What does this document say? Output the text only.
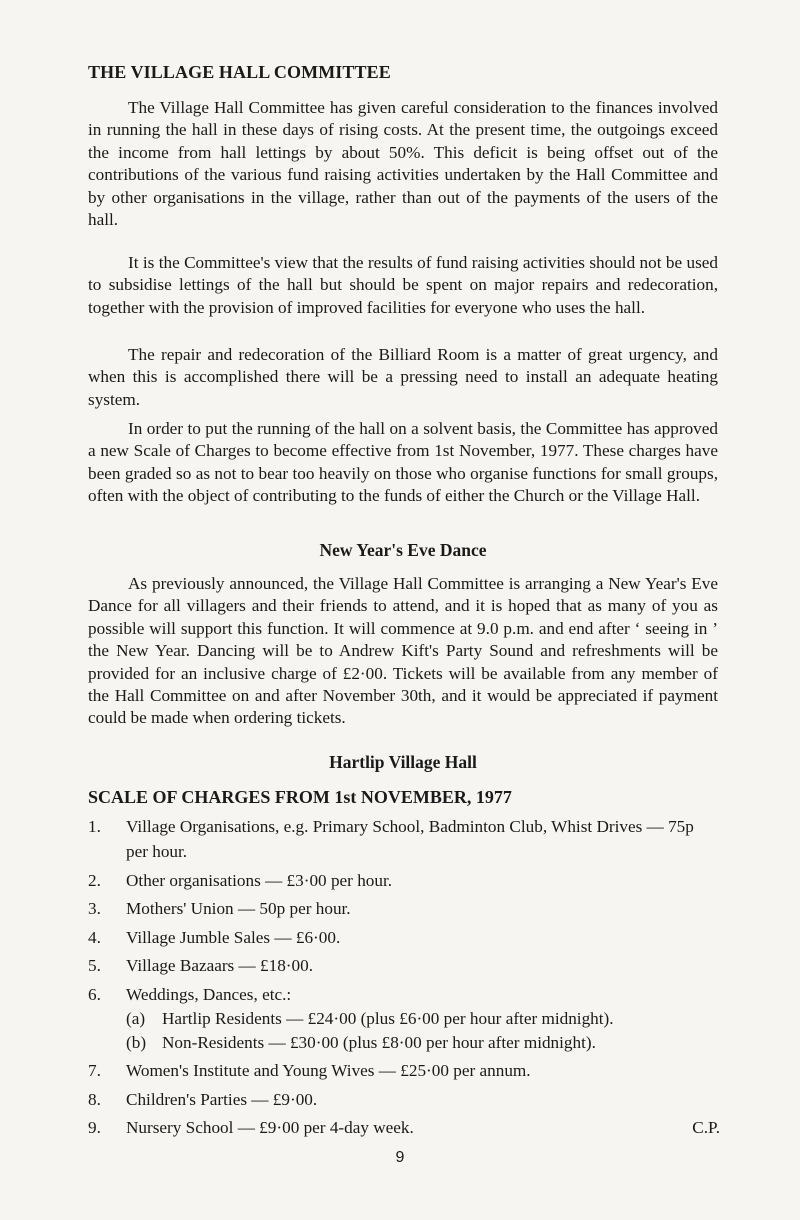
THE VILLAGE HALL COMMITTEE

The Village Hall Committee has given careful consideration to the finances involved in running the hall in these days of rising costs. At the present time, the outgoings exceed the income from hall lettings by about 50%. This deficit is being offset out of the contributions of the various fund raising activities undertaken by the Hall Committee and by other organisations in the village, rather than out of the payments of the users of the hall.

It is the Committee's view that the results of fund raising activities should not be used to subsidise lettings of the hall but should be spent on major repairs and redecoration, together with the provision of improved facilities for everyone who uses the hall.

The repair and redecoration of the Billiard Room is a matter of great urgency, and when this is accomplished there will be a pressing need to install an adequate heating system.

In order to put the running of the hall on a solvent basis, the Committee has approved a new Scale of Charges to become effective from 1st November, 1977. These charges have been graded so as not to bear too heavily on those who organise functions for small groups, often with the object of contributing to the funds of either the Church or the Village Hall.

New Year's Eve Dance

As previously announced, the Village Hall Committee is arranging a New Year's Eve Dance for all villagers and their friends to attend, and it is hoped that as many of you as possible will support this function. It will commence at 9.0 p.m. and end after ‘ seeing in ’ the New Year. Dancing will be to Andrew Kift's Party Sound and refreshments will be provided for an inclusive charge of £2·00. Tickets will be available from any member of the Hall Committee on and after November 30th, and it would be appreciated if payment could be made when ordering tickets.

Hartlip Village Hall
SCALE OF CHARGES FROM 1st NOVEMBER, 1977
1.	Village Organisations, e.g. Primary School, Badminton Club, Whist Drives — 75p per hour.
2.	Other organisations — £3·00 per hour.
3.	Mothers' Union — 50p per hour.
4.	Village Jumble Sales — £6·00.
5.	Village Bazaars — £18·00.
6.	Weddings, Dances, etc.:
(a) Hartlip Residents — £24·00 (plus £6·00 per hour after midnight).
(b) Non-Residents — £30·00 (plus £8·00 per hour after midnight).
7.	Women's Institute and Young Wives — £25·00 per annum.
8.	Children's Parties — £9·00.
9.	Nursery School — £9·00 per 4-day week.	C.P.
9
